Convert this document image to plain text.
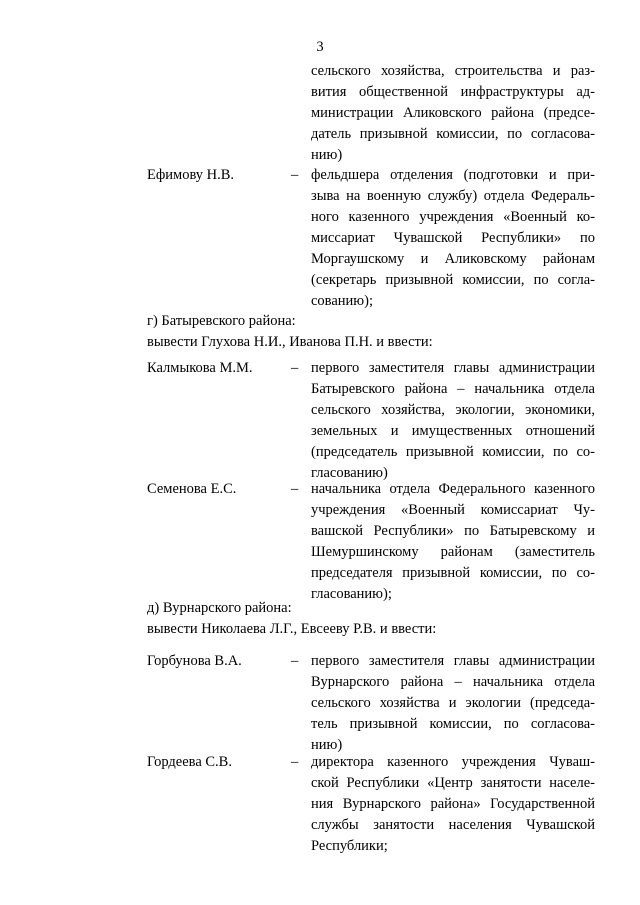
3
сельского хозяйства, строительства и раз-
вития общественной инфраструктуры ад-
министрации Аликовского района (предсе-
датель призывной комиссии, по согласова-
нию)
Ефимову Н.В.	– фельдшера отделения (подготовки и при-
зыва на военную службу) отдела Федераль-
ного казенного учреждения «Военный ко-
миссариат Чувашской Республики» по
Моргаушскому и Аликовскому районам
(секретарь призывной комиссии, по согла-
сованию);
г) Батыревского района:
вывести Глухова Н.И., Иванова П.Н. и ввести:
Калмыкова М.М.	– первого заместителя главы администрации
Батыревского района – начальника отдела
сельского хозяйства, экологии, экономики,
земельных и имущественных отношений
(председатель призывной комиссии, по со-
гласованию)
Семенова Е.С.	– начальника отдела Федерального казенного
учреждения «Военный комиссариат Чу-
вашской Республики» по Батыревскому и
Шемуршинскому районам (заместитель
председателя призывной комиссии, по со-
гласованию);
д) Вурнарского района:
вывести Николаева Л.Г., Евсееву Р.В. и ввести:
Горбунова В.А.	– первого заместителя главы администрации
Вурнарского района – начальника отдела
сельского хозяйства и экологии (председа-
тель призывной комиссии, по согласова-
нию)
Гордеева С.В.	– директора казенного учреждения Чуваш-
ской Республики «Центр занятости населе-
ния Вурнарского района» Государственной
службы занятости населения Чувашской
Республики;
